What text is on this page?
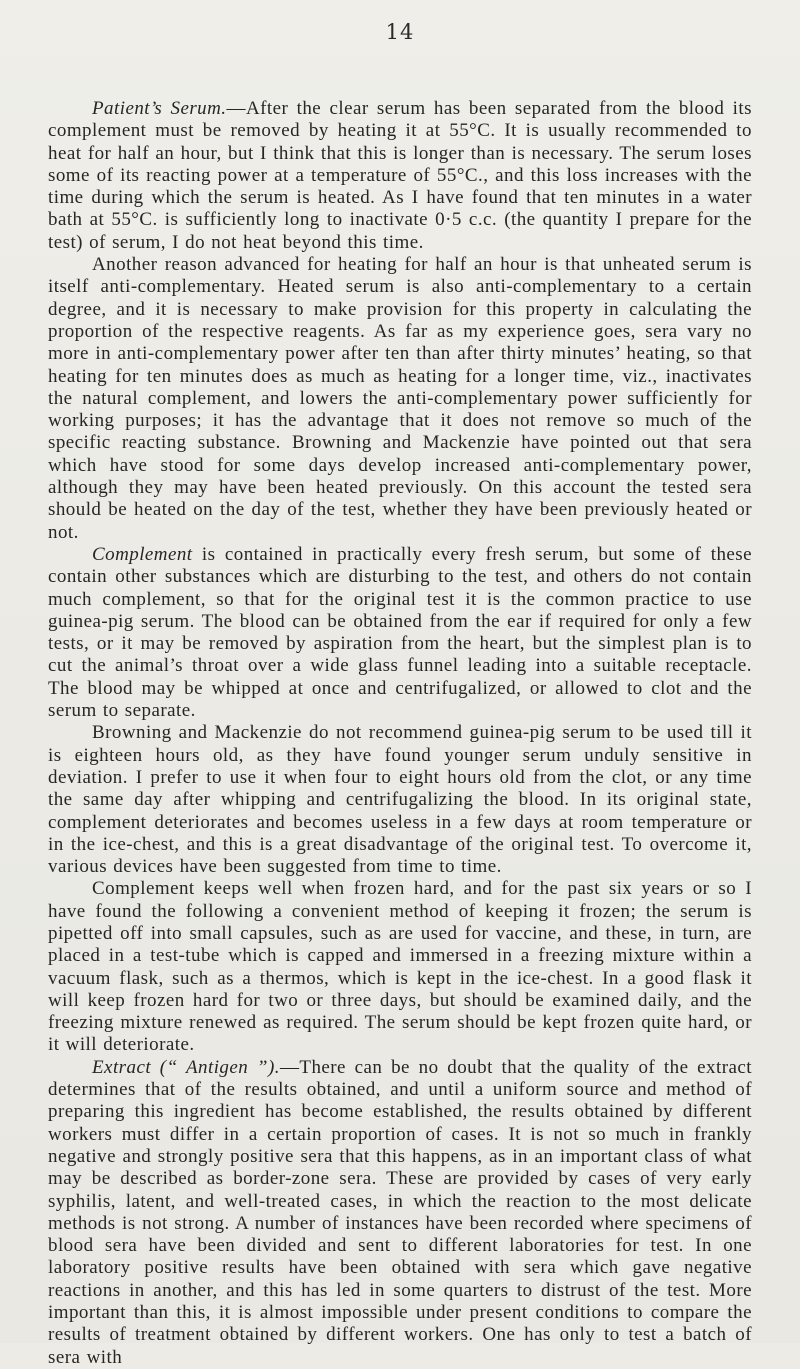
14

Patient’s Serum.—After the clear serum has been separated from the blood its complement must be removed by heating it at 55°C. It is usually recommended to heat for half an hour, but I think that this is longer than is necessary. The serum loses some of its reacting power at a temperature of 55°C., and this loss increases with the time during which the serum is heated. As I have found that ten minutes in a water bath at 55°C. is sufficiently long to inactivate 0·5 c.c. (the quantity I prepare for the test) of serum, I do not heat beyond this time.

Another reason advanced for heating for half an hour is that unheated serum is itself anti-complementary. Heated serum is also anti-complementary to a certain degree, and it is necessary to make provision for this property in calculating the proportion of the respective reagents. As far as my experience goes, sera vary no more in anti-complementary power after ten than after thirty minutes’ heating, so that heating for ten minutes does as much as heating for a longer time, viz., inactivates the natural complement, and lowers the anti-complementary power sufficiently for working purposes; it has the advantage that it does not remove so much of the specific reacting substance. Browning and Mackenzie have pointed out that sera which have stood for some days develop increased anti-complementary power, although they may have been heated previously. On this account the tested sera should be heated on the day of the test, whether they have been previously heated or not.

Complement is contained in practically every fresh serum, but some of these contain other substances which are disturbing to the test, and others do not contain much complement, so that for the original test it is the common practice to use guinea-pig serum. The blood can be obtained from the ear if required for only a few tests, or it may be removed by aspiration from the heart, but the simplest plan is to cut the animal’s throat over a wide glass funnel leading into a suitable receptacle. The blood may be whipped at once and centrifugalized, or allowed to clot and the serum to separate.

Browning and Mackenzie do not recommend guinea-pig serum to be used till it is eighteen hours old, as they have found younger serum unduly sensitive in deviation. I prefer to use it when four to eight hours old from the clot, or any time the same day after whipping and centrifugalizing the blood. In its original state, complement deteriorates and becomes useless in a few days at room temperature or in the ice-chest, and this is a great disadvantage of the original test. To overcome it, various devices have been suggested from time to time.

Complement keeps well when frozen hard, and for the past six years or so I have found the following a convenient method of keeping it frozen; the serum is pipetted off into small capsules, such as are used for vaccine, and these, in turn, are placed in a test-tube which is capped and immersed in a freezing mixture within a vacuum flask, such as a thermos, which is kept in the ice-chest. In a good flask it will keep frozen hard for two or three days, but should be examined daily, and the freezing mixture renewed as required. The serum should be kept frozen quite hard, or it will deteriorate.

Extract (“ Antigen ”).—There can be no doubt that the quality of the extract determines that of the results obtained, and until a uniform source and method of preparing this ingredient has become established, the results obtained by different workers must differ in a certain proportion of cases. It is not so much in frankly negative and strongly positive sera that this happens, as in an important class of what may be described as border-zone sera. These are provided by cases of very early syphilis, latent, and well-treated cases, in which the reaction to the most delicate methods is not strong. A number of instances have been recorded where specimens of blood sera have been divided and sent to different laboratories for test. In one laboratory positive results have been obtained with sera which gave negative reactions in another, and this has led in some quarters to distrust of the test. More important than this, it is almost impossible under present conditions to compare the results of treatment obtained by different workers. One has only to test a batch of sera with
